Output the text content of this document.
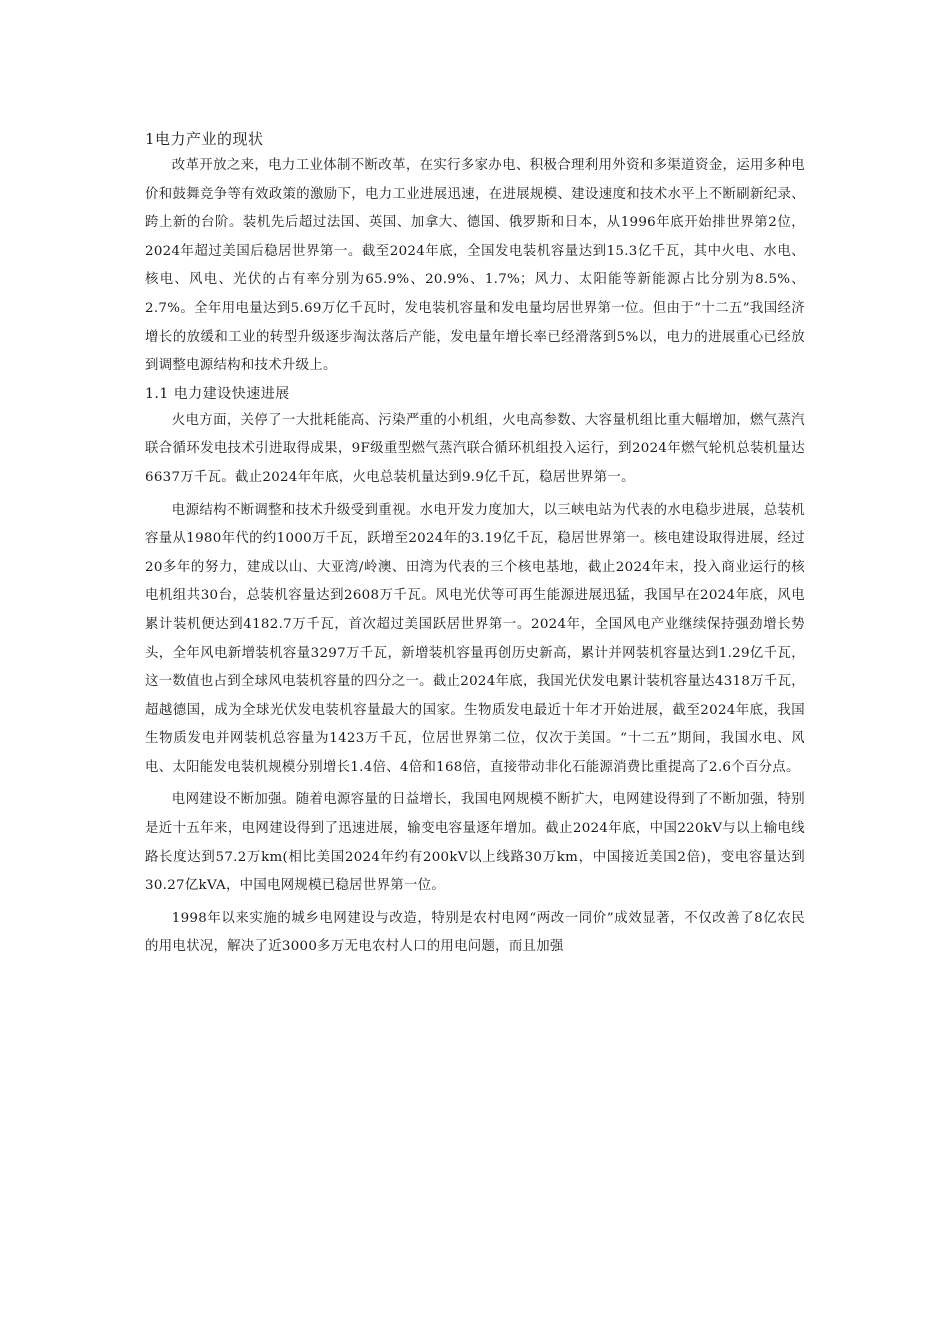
1电力产业的现状

改革开放之来，电力工业体制不断改革，在实行多家办电、积极合理利用外资和多渠道资金，运用多种电价和鼓舞竞争等有效政策的激励下，电力工业进展迅速，在进展规模、建设速度和技术水平上不断刷新纪录、跨上新的台阶。装机先后超过法国、英国、加拿大、德国、俄罗斯和日本，从1996年底开始排世界第2位，2024年超过美国后稳居世界第一。截至2024年底，全国发电装机容量达到15.3亿千瓦，其中火电、水电、核电、风电、光伏的占有率分别为65.9%、20.9%、1.7%；风力、太阳能等新能源占比分别为8.5%、2.7%。全年用电量达到5.69万亿千瓦时，发电装机容量和发电量均居世界第一位。但由于“十二五”我国经济增长的放缓和工业的转型升级逐步淘汰落后产能，发电量年增长率已经滑落到5%以，电力的进展重心已经放到调整电源结构和技术升级上。

1.1 电力建设快速进展

火电方面，关停了一大批耗能高、污染严重的小机组，火电高参数、大容量机组比重大幅增加，燃气蒸汽联合循环发电技术引进取得成果，9F级重型燃气蒸汽联合循环机组投入运行，到2024年燃气轮机总装机量达6637万千瓦。截止2024年年底，火电总装机量达到9.9亿千瓦，稳居世界第一。

电源结构不断调整和技术升级受到重视。水电开发力度加大，以三峡电站为代表的水电稳步进展，总装机容量从1980年代的约1000万千瓦，跃增至2024年的3.19亿千瓦，稳居世界第一。核电建设取得进展，经过20多年的努力，建成以山、大亚湾/岭澳、田湾为代表的三个核电基地，截止2024年末，投入商业运行的核电机组共30台，总装机容量达到2608万千瓦。风电光伏等可再生能源进展迅猛，我国早在2024年底，风电累计装机便达到4182.7万千瓦，首次超过美国跃居世界第一。2024年，全国风电产业继续保持强劲增长势头，全年风电新增装机容量3297万千瓦，新增装机容量再创历史新高，累计并网装机容量达到1.29亿千瓦，这一数值也占到全球风电装机容量的四分之一。截止2024年底，我国光伏发电累计装机容量达4318万千瓦，超越德国，成为全球光伏发电装机容量最大的国家。生物质发电最近十年才开始进展，截至2024年底，我国生物质发电并网装机总容量为1423万千瓦，位居世界第二位，仅次于美国。“十二五”期间，我国水电、风电、太阳能发电装机规模分别增长1.4倍、4倍和168倍，直接带动非化石能源消费比重提高了2.6个百分点。

电网建设不断加强。随着电源容量的日益增长，我国电网规模不断扩大，电网建设得到了不断加强，特别是近十五年来，电网建设得到了迅速进展，输变电容量逐年增加。截止2024年底，中国220kV与以上输电线路长度达到57.2万km(相比美国2024年约有200kV以上线路30万km，中国接近美国2倍)，变电容量达到30.27亿kVA，中国电网规模已稳居世界第一位。

1998年以来实施的城乡电网建设与改造，特别是农村电网“两改一同价”成效显著，不仅改善了8亿农民的用电状况，解决了近3000多万无电农村人口的用电问题，而且加强
